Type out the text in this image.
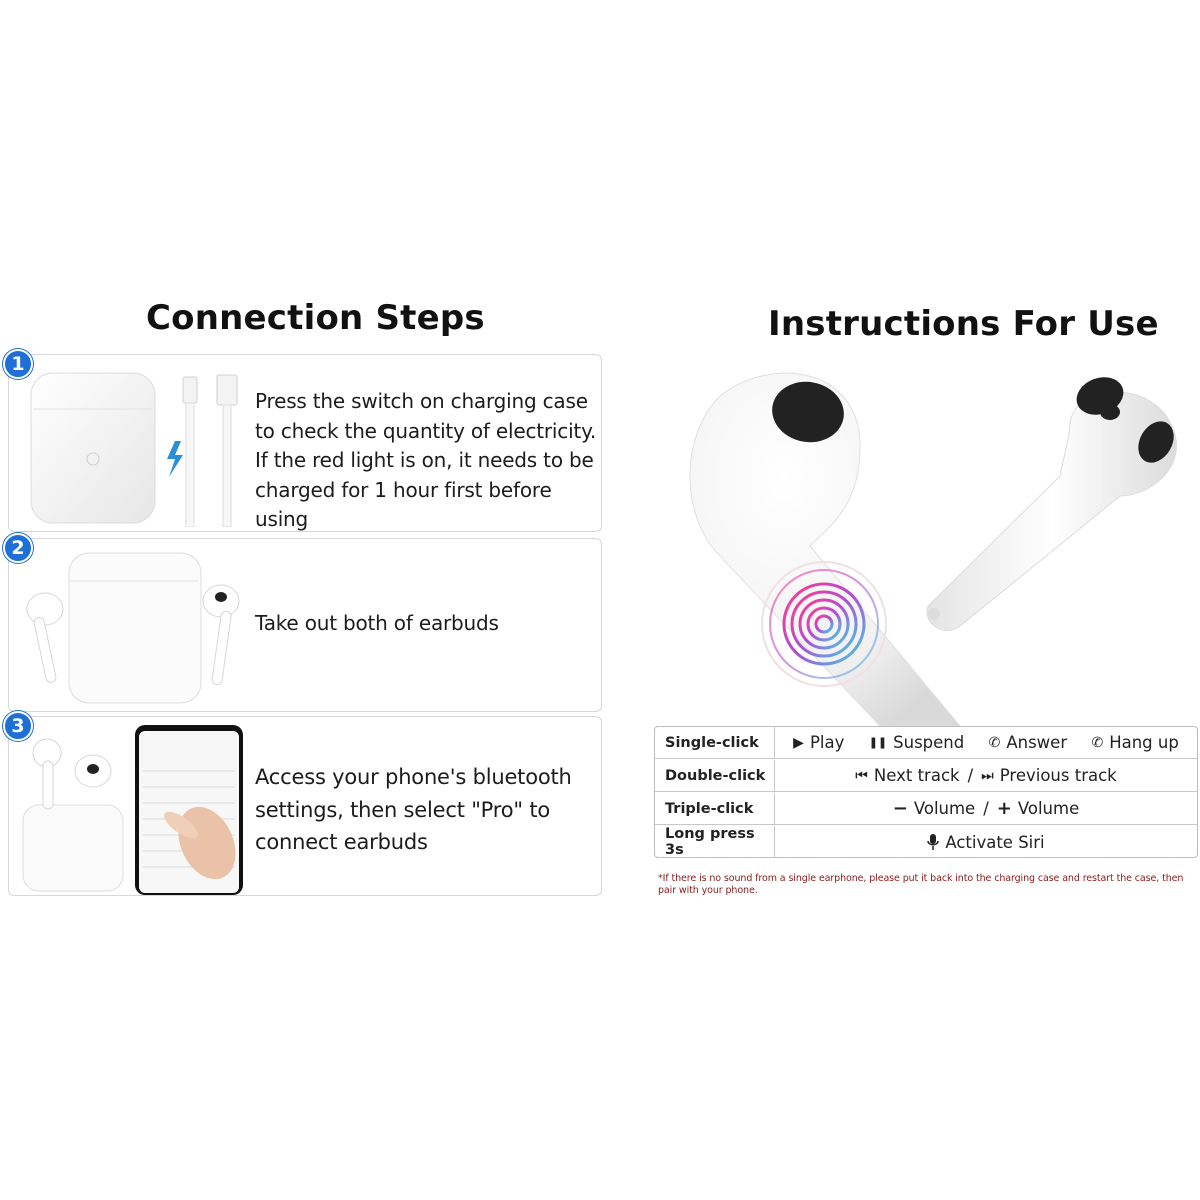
Connection Steps	Instructions For Use
1
Press the switch on charging case
to check the quantity of electricity.
If the red light is on, it needs to be
charged for 1 hour first before using
2
Take out both of earbuds
3
Access your phone's bluetooth
settings, then select "Pro" to
connect earbuds
Single-click	▶ Play ❚❚ Suspend ✆ Answer ✆ Hang up
Double-click	⏮ Next track / ⏭ Previous track
Triple-click	− Volume / + Volume
Long press 3s	Activate Siri
*If there is no sound from a single earphone, please put it back into the charging case and restart the case, then pair with your phone.
